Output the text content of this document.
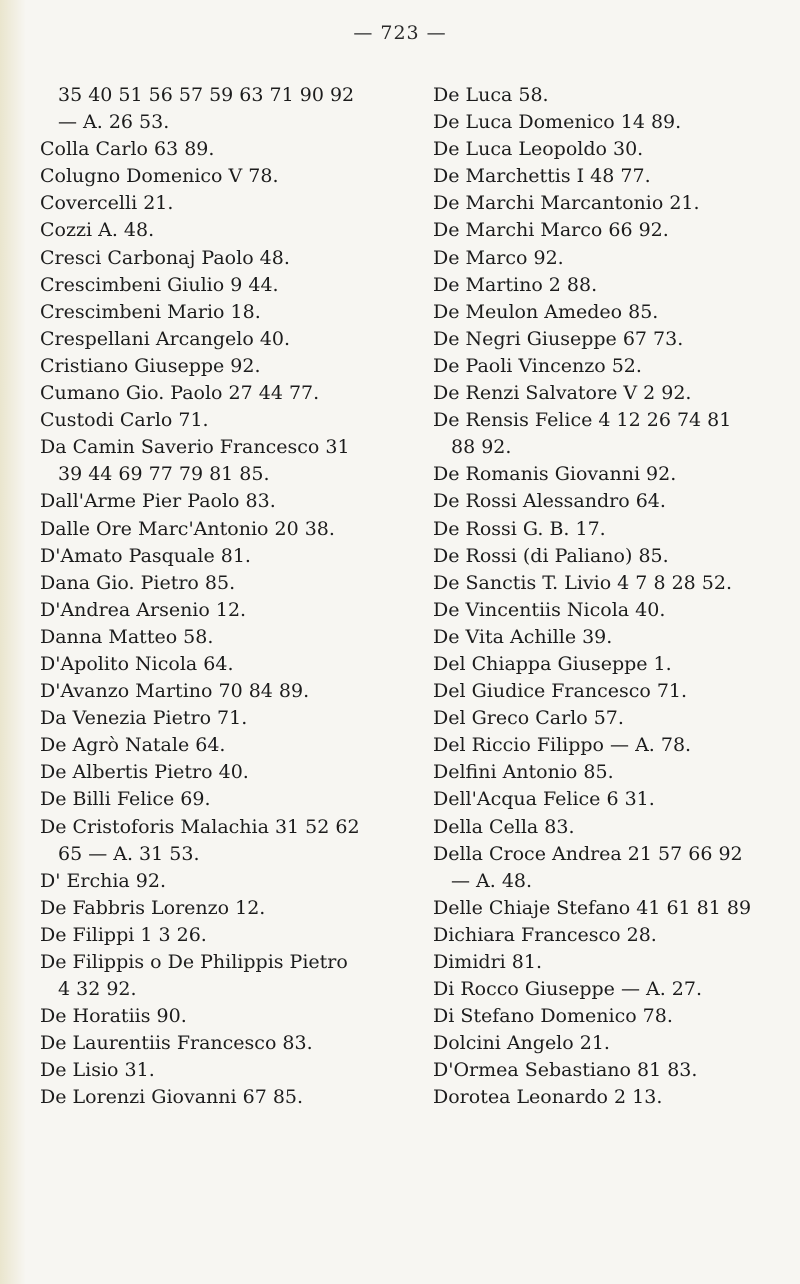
— 723 —
35 40 51 56 57 59 63 71 90 92
— A. 26 53.
Colla Carlo 63 89.
Colugno Domenico V 78.
Covercelli 21.
Cozzi A. 48.
Cresci Carbonaj Paolo 48.
Crescimbeni Giulio 9 44.
Crescimbeni Mario 18.
Crespellani Arcangelo 40.
Cristiano Giuseppe 92.
Cumano Gio. Paolo 27 44 77.
Custodi Carlo 71.
Da Camin Saverio Francesco 31
39 44 69 77 79 81 85.
Dall'Arme Pier Paolo 83.
Dalle Ore Marc'Antonio 20 38.
D'Amato Pasquale 81.
Dana Gio. Pietro 85.
D'Andrea Arsenio 12.
Danna Matteo 58.
D'Apolito Nicola 64.
D'Avanzo Martino 70 84 89.
Da Venezia Pietro 71.
De Agrò Natale 64.
De Albertis Pietro 40.
De Billi Felice 69.
De Cristoforis Malachia 31 52 62
65 — A. 31 53.
D' Erchia 92.
De Fabbris Lorenzo 12.
De Filippi 1 3 26.
De Filippis o De Philippis Pietro
4 32 92.
De Horatiis 90.
De Laurentiis Francesco 83.
De Lisio 31.
De Lorenzi Giovanni 67 85.
De Luca 58.
De Luca Domenico 14 89.
De Luca Leopoldo 30.
De Marchettis I 48 77.
De Marchi Marcantonio 21.
De Marchi Marco 66 92.
De Marco 92.
De Martino 2 88.
De Meulon Amedeo 85.
De Negri Giuseppe 67 73.
De Paoli Vincenzo 52.
De Renzi Salvatore V 2 92.
De Rensis Felice 4 12 26 74 81
88 92.
De Romanis Giovanni 92.
De Rossi Alessandro 64.
De Rossi G. B. 17.
De Rossi (di Paliano) 85.
De Sanctis T. Livio 4 7 8 28 52.
De Vincentiis Nicola 40.
De Vita Achille 39.
Del Chiappa Giuseppe 1.
Del Giudice Francesco 71.
Del Greco Carlo 57.
Del Riccio Filippo — A. 78.
Delfini Antonio 85.
Dell'Acqua Felice 6 31.
Della Cella 83.
Della Croce Andrea 21 57 66 92
— A. 48.
Delle Chiaje Stefano 41 61 81 89
Dichiara Francesco 28.
Dimidri 81.
Di Rocco Giuseppe — A. 27.
Di Stefano Domenico 78.
Dolcini Angelo 21.
D'Ormea Sebastiano 81 83.
Dorotea Leonardo 2 13.
